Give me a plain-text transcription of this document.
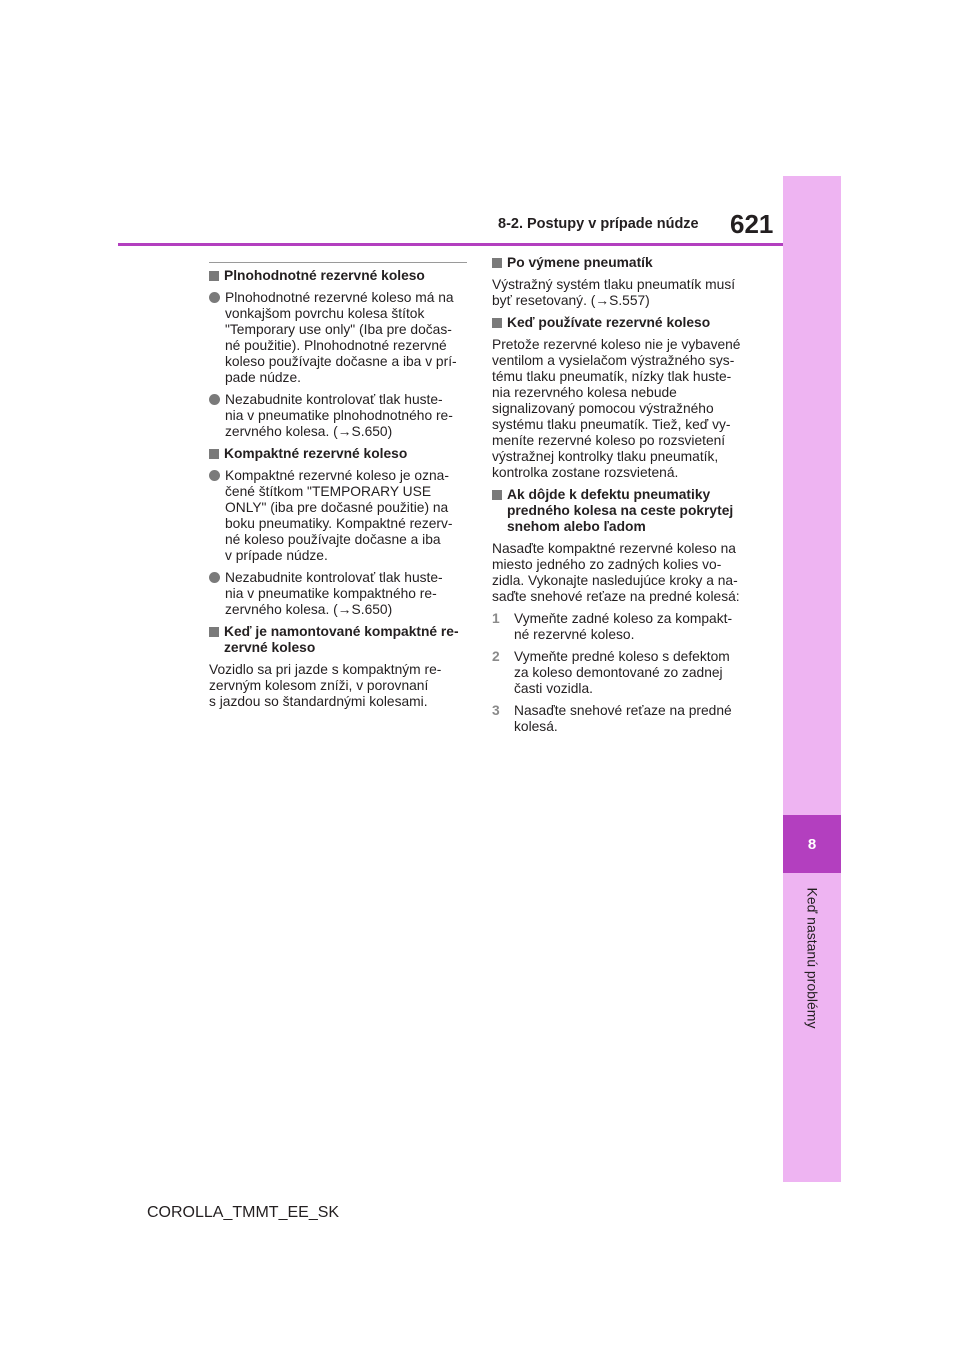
8
Keď nastanú problémy
8-2. Postupy v prípade núdze 621
Plnohodnotné rezervné koleso
Plnohodnotné rezervné koleso má na
vonkajšom povrchu kolesa štítok
"Temporary use only" (Iba pre dočas-
né použitie). Plnohodnotné rezervné
koleso používajte dočasne a iba v prí-
pade núdze.
Nezabudnite kontrolovať tlak huste-
nia v pneumatike plnohodnotného re-
zervného kolesa. (→S.650)
Kompaktné rezervné koleso
Kompaktné rezervné koleso je ozna-
čené štítkom "TEMPORARY USE
ONLY" (iba pre dočasné použitie) na
boku pneumatiky. Kompaktné rezerv-
né koleso používajte dočasne a iba
v prípade núdze.
Nezabudnite kontrolovať tlak huste-
nia v pneumatike kompaktného re-
zervného kolesa. (→S.650)
Keď je namontované kompaktné re-
zervné koleso
Vozidlo sa pri jazde s kompaktným re-
zervným kolesom zníži, v porovnaní
s jazdou so štandardnými kolesami.
Po výmene pneumatík
Výstražný systém tlaku pneumatík musí
byť resetovaný. (→S.557)
Keď používate rezervné koleso
Pretože rezervné koleso nie je vybavené
ventilom a vysielačom výstražného sys-
tému tlaku pneumatík, nízky tlak huste-
nia rezervného kolesa nebude
signalizovaný pomocou výstražného
systému tlaku pneumatík. Tiež, keď vy-
meníte rezervné koleso po rozsvietení
výstražnej kontrolky tlaku pneumatík,
kontrolka zostane rozsvietená.
Ak dôjde k defektu pneumatiky
predného kolesa na ceste pokrytej
snehom alebo ľadom
Nasaďte kompaktné rezervné koleso na
miesto jedného zo zadných kolies vo-
zidla. Vykonajte nasledujúce kroky a na-
saďte snehové reťaze na predné kolesá:
1 Vymeňte zadné koleso za kompakt-
né rezervné koleso.
2 Vymeňte predné koleso s defektom
za koleso demontované zo zadnej
časti vozidla.
3 Nasaďte snehové reťaze na predné
kolesá.
COROLLA_TMMT_EE_SK
